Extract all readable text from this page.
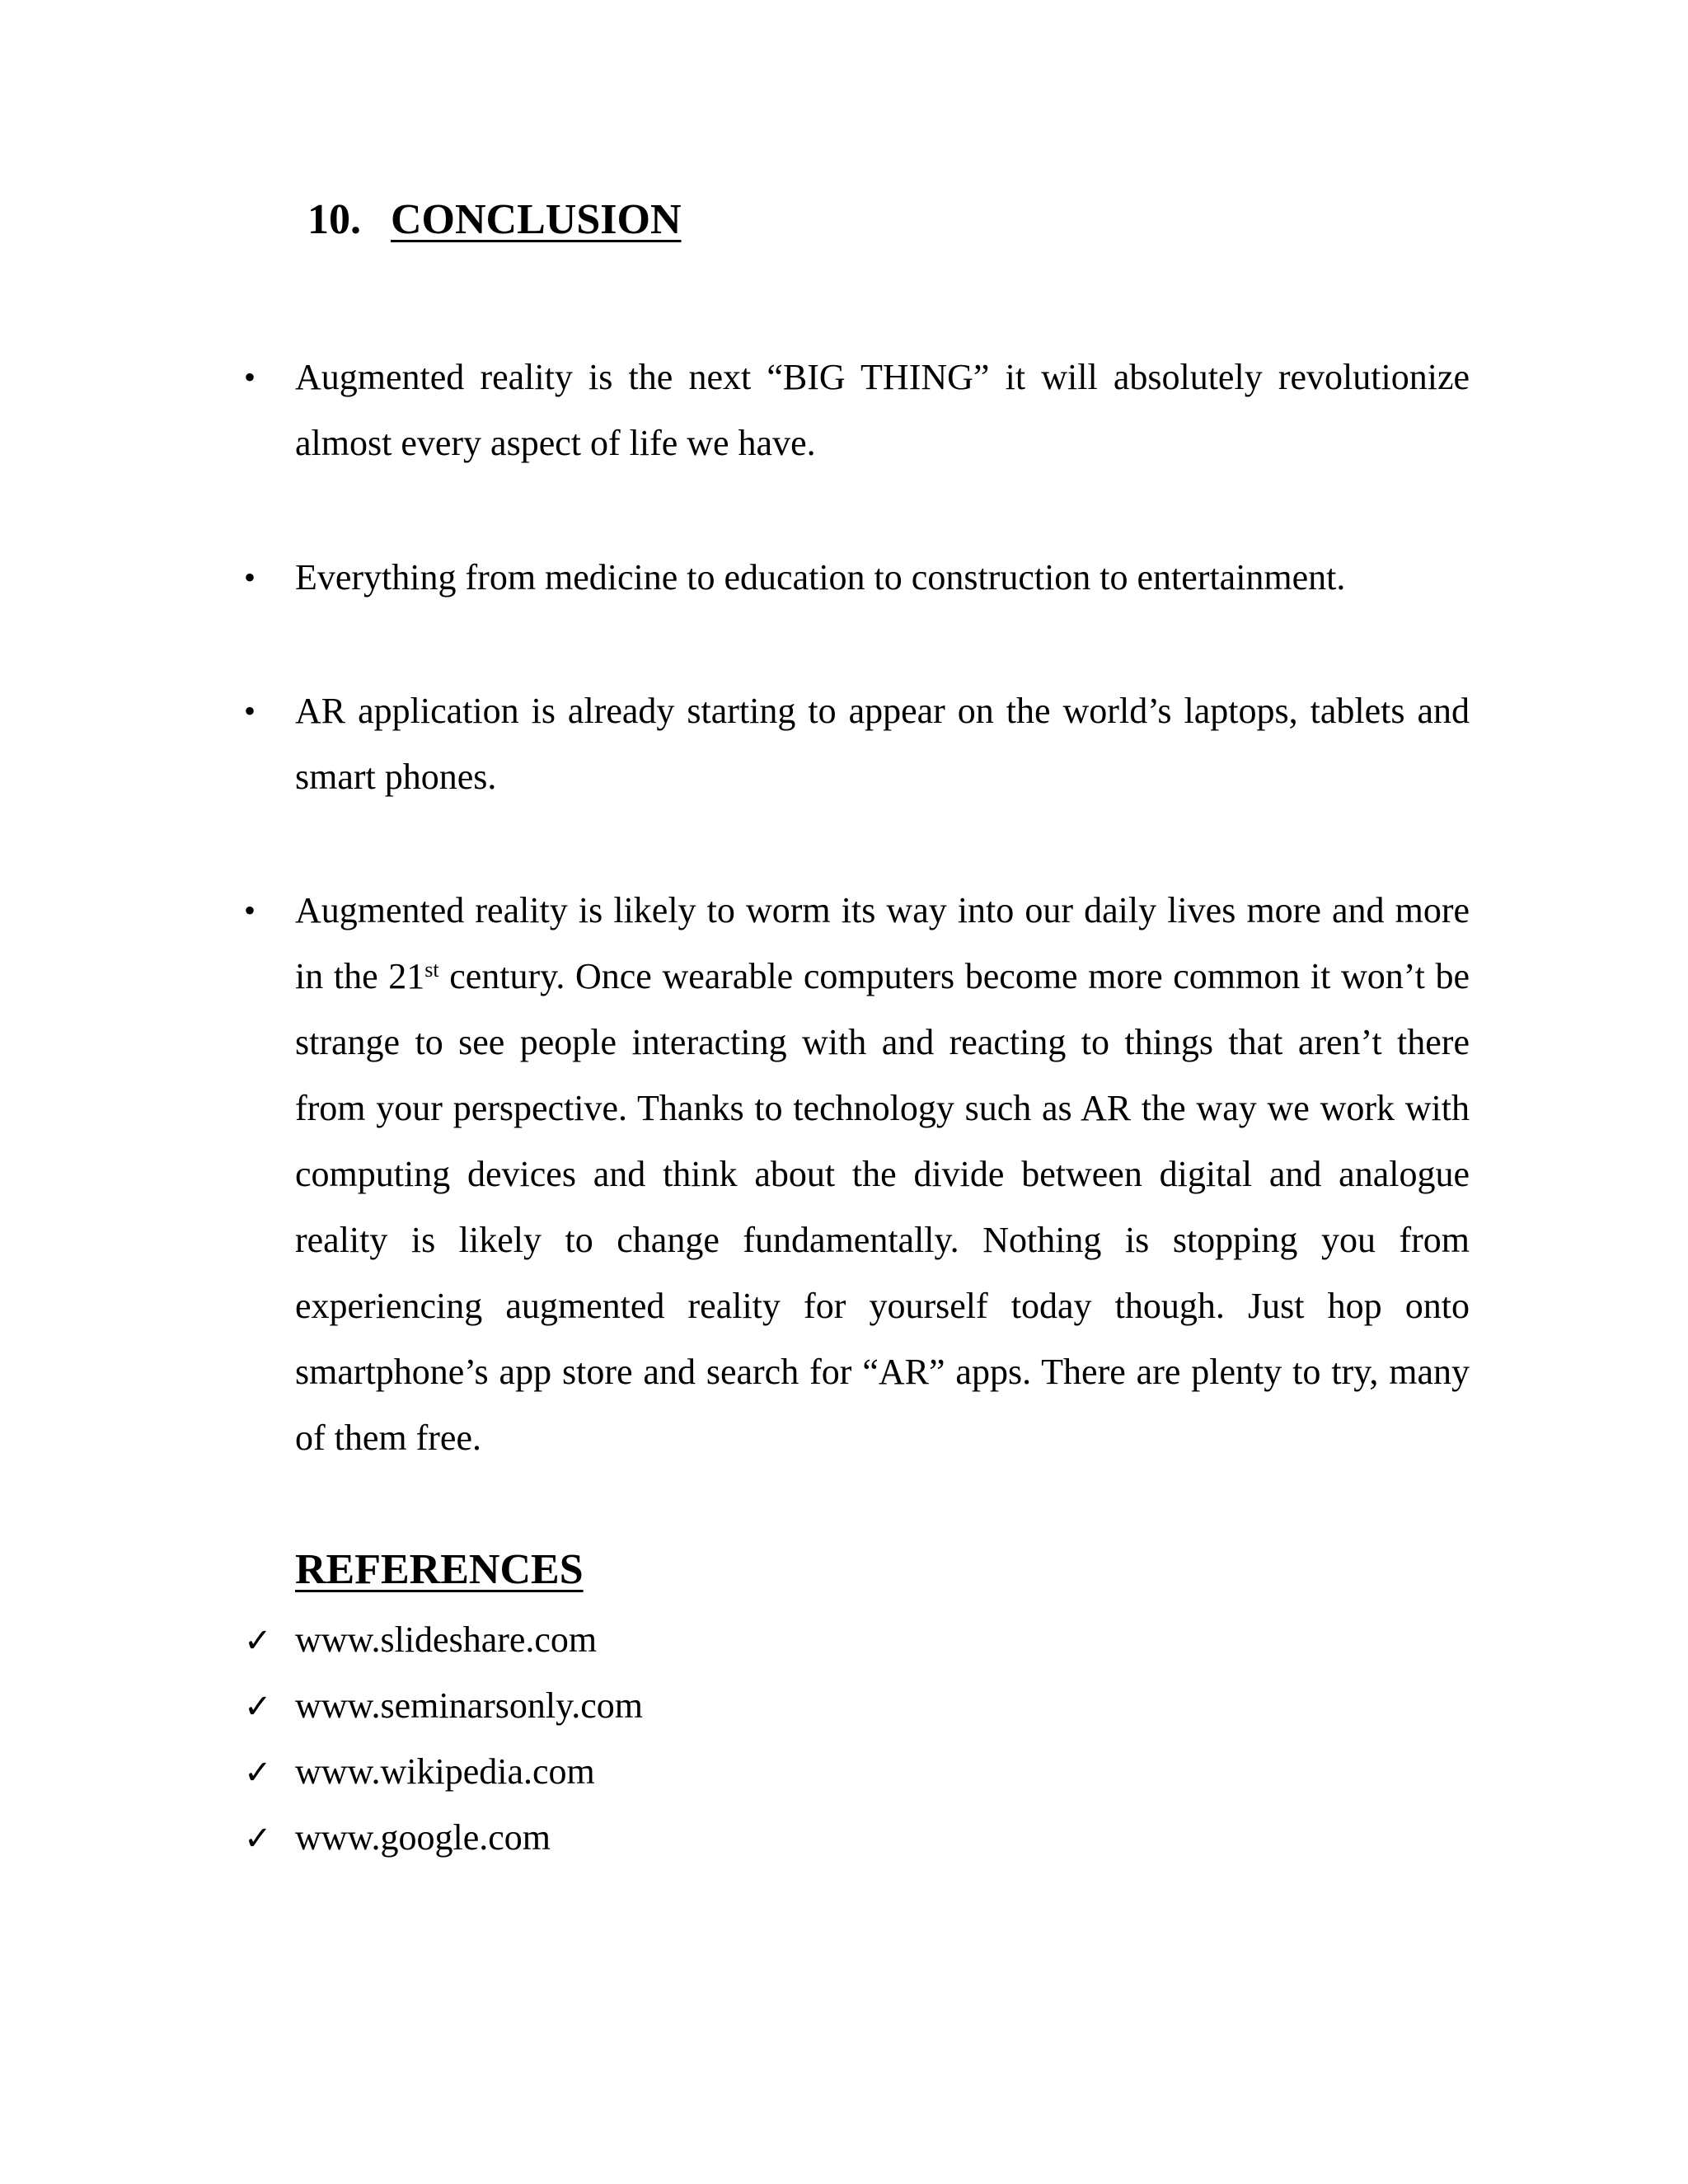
10. CONCLUSION
• Augmented reality is the next “BIG THING” it will absolutely revolutionize almost every aspect of life we have.
• Everything from medicine to education to construction to entertainment.
• AR application is already starting to appear on the world’s laptops, tablets and smart phones.
• Augmented reality is likely to worm its way into our daily lives more and more in the 21st century. Once wearable computers become more common it won’t be strange to see people interacting with and reacting to things that aren’t there from your perspective. Thanks to technology such as AR the way we work with computing devices and think about the divide between digital and analogue reality is likely to change fundamentally. Nothing is stopping you from experiencing augmented reality for yourself today though. Just hop onto smartphone’s app store and search for “AR” apps. There are plenty to try, many of them free.
REFERENCES
✓ www.slideshare.com
✓ www.seminarsonly.com
✓ www.wikipedia.com
✓ www.google.com
